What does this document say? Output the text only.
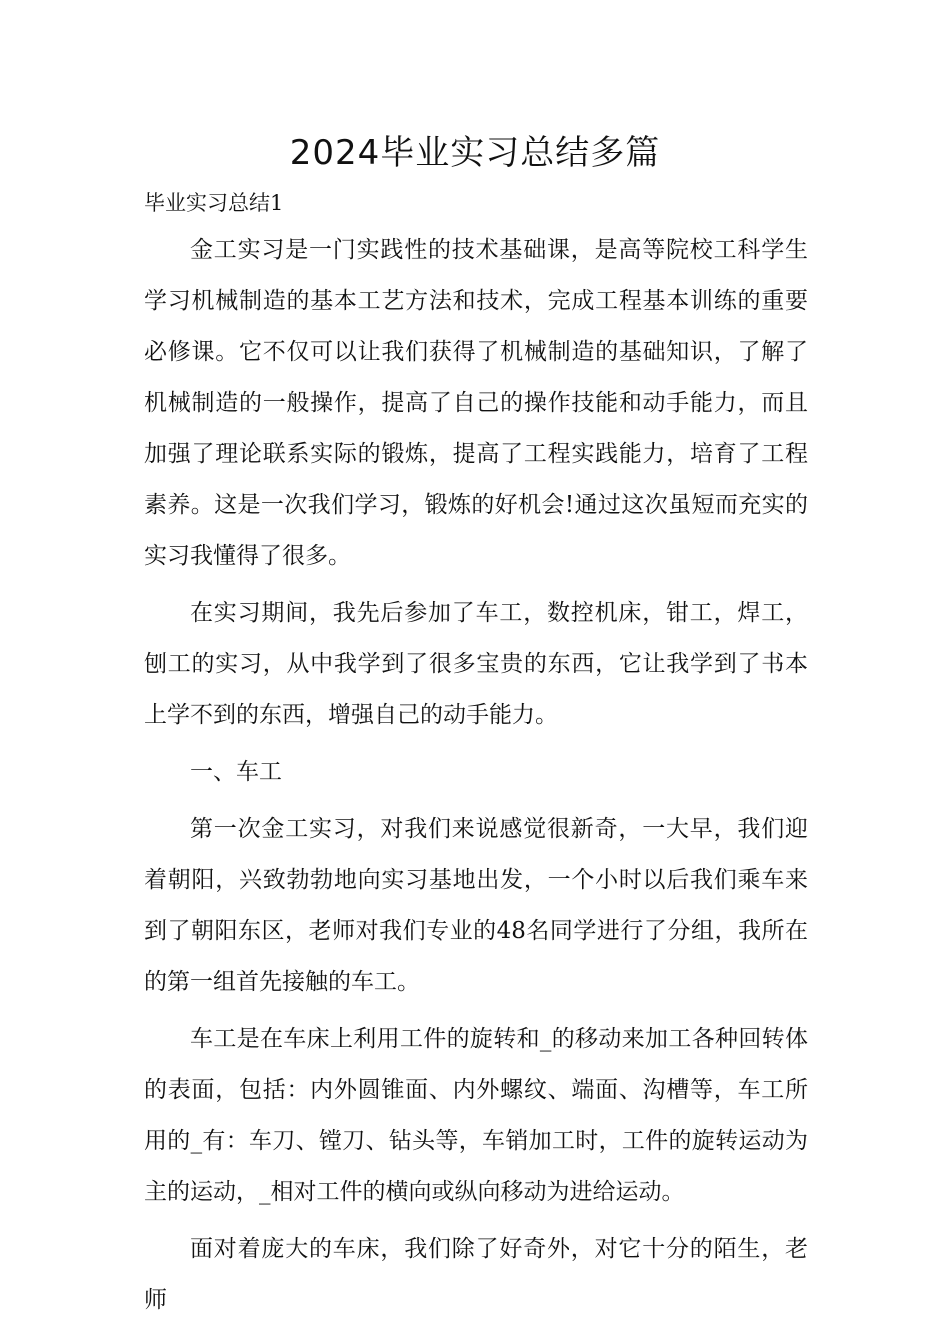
2024毕业实习总结多篇
毕业实习总结1

金工实习是一门实践性的技术基础课，是高等院校工科学生学习机械制造的基本工艺方法和技术，完成工程基本训练的重要必修课。它不仅可以让我们获得了机械制造的基础知识，了解了机械制造的一般操作，提高了自己的操作技能和动手能力，而且加强了理论联系实际的锻炼，提高了工程实践能力，培育了工程素养。这是一次我们学习，锻炼的好机会!通过这次虽短而充实的实习我懂得了很多。

在实习期间，我先后参加了车工，数控机床，钳工，焊工，刨工的实习，从中我学到了很多宝贵的东西，它让我学到了书本上学不到的东西，增强自己的动手能力。

一、车工

第一次金工实习，对我们来说感觉很新奇，一大早，我们迎着朝阳，兴致勃勃地向实习基地出发，一个小时以后我们乘车来到了朝阳东区，老师对我们专业的48名同学进行了分组，我所在的第一组首先接触的车工。

车工是在车床上利用工件的旋转和_的移动来加工各种回转体的表面，包括：内外圆锥面、内外螺纹、端面、沟槽等，车工所用的_有：车刀、镗刀、钻头等，车销加工时，工件的旋转运动为主的运动，_相对工件的横向或纵向移动为进给运动。

面对着庞大的车床，我们除了好奇外，对它十分的陌生，老师
